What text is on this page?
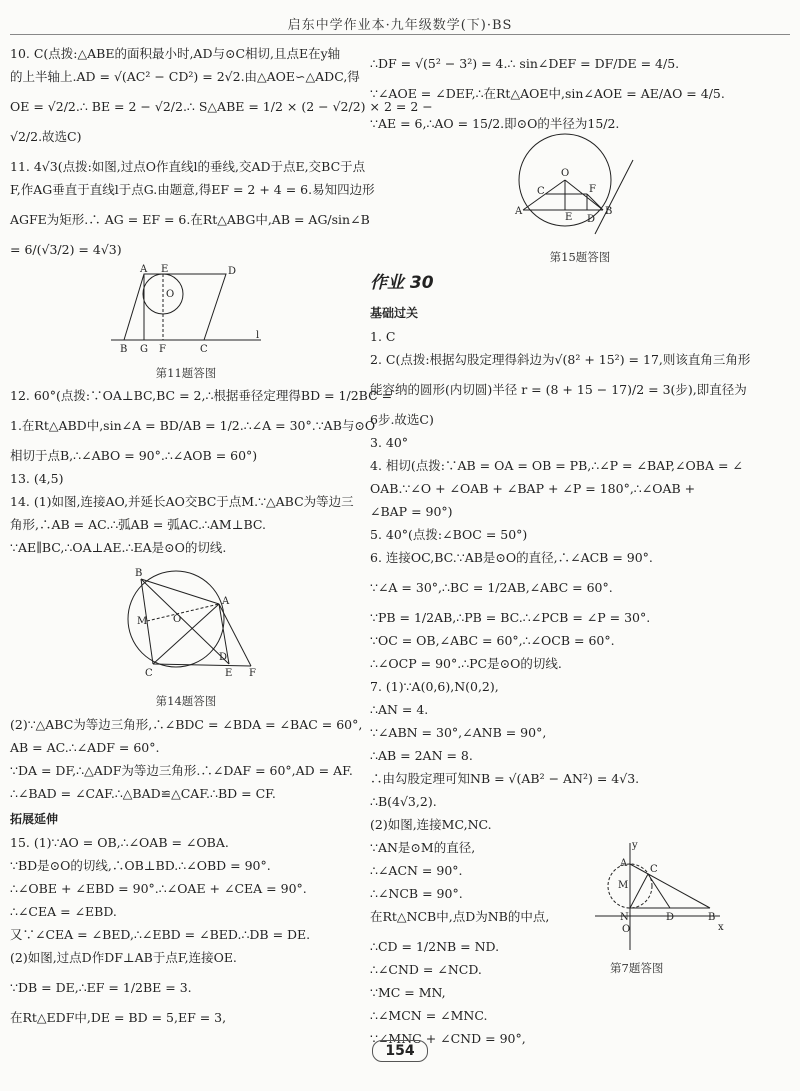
启东中学作业本·九年级数学(下)·BS
10. C(点拨:△ABE的面积最小时,AD与⊙C相切,且点E在y轴
的上半轴上.AD = √(AC² − CD²) = 2√2.由△AOE∽△ADC,得
OE = √2/2.∴ BE = 2 − √2/2.∴ S△ABE = 1/2 × (2 − √2/2) × 2 = 2 −
√2/2.故选C)
11. 4√3(点拨:如图,过点O作直线l的垂线,交AD于点E,交BC于点
F,作AG垂直于直线l于点G.由题意,得EF = 2 + 4 = 6.易知四边形
AGFE为矩形.∴ AG = EF = 6.在Rt△ABG中,AB = AG/sin∠B
= 6/(√3/2) = 4√3)
A E	D
B G F	C
l
O
第11题答图
12. 60°(点拨:∵OA⊥BC,BC = 2,∴根据垂径定理得BD = 1/2BC =
1.在Rt△ABD中,sin∠A = BD/AB = 1/2.∴∠A = 30°.∵AB与⊙O
相切于点B,∴∠ABO = 90°.∴∠AOB = 60°)
13. (4,5)
14. (1)如图,连接AO,并延长AO交BC于点M.∵△ABC为等边三
角形,∴AB = AC.∴弧AB = 弧AC.∴AM⊥BC.
∵AE∥BC,∴OA⊥AE.∴EA是⊙O的切线.
B
A
M	O
C	E F
D
第14题答图
(2)∵△ABC为等边三角形,∴∠BDC = ∠BDA = ∠BAC = 60°,
AB = AC.∴∠ADF = 60°.
∵DA = DF,∴△ADF为等边三角形.∴∠DAF = 60°,AD = AF.
∴∠BAD = ∠CAF.∴△BAD≌△CAF.∴BD = CF.
拓展延伸
15. (1)∵AO = OB,∴∠OAB = ∠OBA.
∵BD是⊙O的切线,∴OB⊥BD.∴∠OBD = 90°.
∴∠OBE + ∠EBD = 90°.∴∠OAE + ∠CEA = 90°.
∴∠CEA = ∠EBD.
又∵∠CEA = ∠BED,∴∠EBD = ∠BED.∴DB = DE.
(2)如图,过点D作DF⊥AB于点F,连接OE.
∵DB = DE,∴EF = 1/2BE = 3.
在Rt△EDF中,DE = BD = 5,EF = 3,
∴DF = √(5² − 3²) = 4.∴ sin∠DEF = DF/DE = 4/5.
∵∠AOE = ∠DEF,∴在Rt△AOE中,sin∠AOE = AE/AO = 4/5.
∵AE = 6,∴AO = 15/2.即⊙O的半径为15/2.
O
C	F
A
E
B
D
第15题答图
作业 30
基础过关
1. C
2. C(点拨:根据勾股定理得斜边为√(8² + 15²) = 17,则该直角三角形
能容纳的圆形(内切圆)半径 r = (8 + 15 − 17)/2 = 3(步),即直径为
6步.故选C)
3. 40°
4. 相切(点拨:∵AB = OA = OB = PB,∴∠P = ∠BAP,∠OBA = ∠
OAB.∵∠O + ∠OAB + ∠BAP + ∠P = 180°,∴∠OAB +
∠BAP = 90°)
5. 40°(点拨:∠BOC = 50°)
6. 连接OC,BC.∵AB是⊙O的直径,∴∠ACB = 90°.
∵∠A = 30°,∴BC = 1/2AB,∠ABC = 60°.
∵PB = 1/2AB,∴PB = BC.∴∠PCB = ∠P = 30°.
∵OC = OB,∠ABC = 60°,∴∠OCB = 60°.
∴∠OCP = 90°.∴PC是⊙O的切线.
7. (1)∵A(0,6),N(0,2),
∴AN = 4.
∵∠ABN = 30°,∠ANB = 90°,
∴AB = 2AN = 8.
∴由勾股定理可知NB = √(AB² − AN²) = 4√3.
∴B(4√3,2).
(2)如图,连接MC,NC.
∵AN是⊙M的直径,
∴∠ACN = 90°.
∴∠NCB = 90°.
在Rt△NCB中,点D为NB的中点,
∴CD = 1/2NB = ND.
∴∠CND = ∠NCD.
∵MC = MN,
∴∠MCN = ∠MNC.
∵∠MNC + ∠CND = 90°,
y
A
C
M
N	D	B
O	x
第7题答图
154
